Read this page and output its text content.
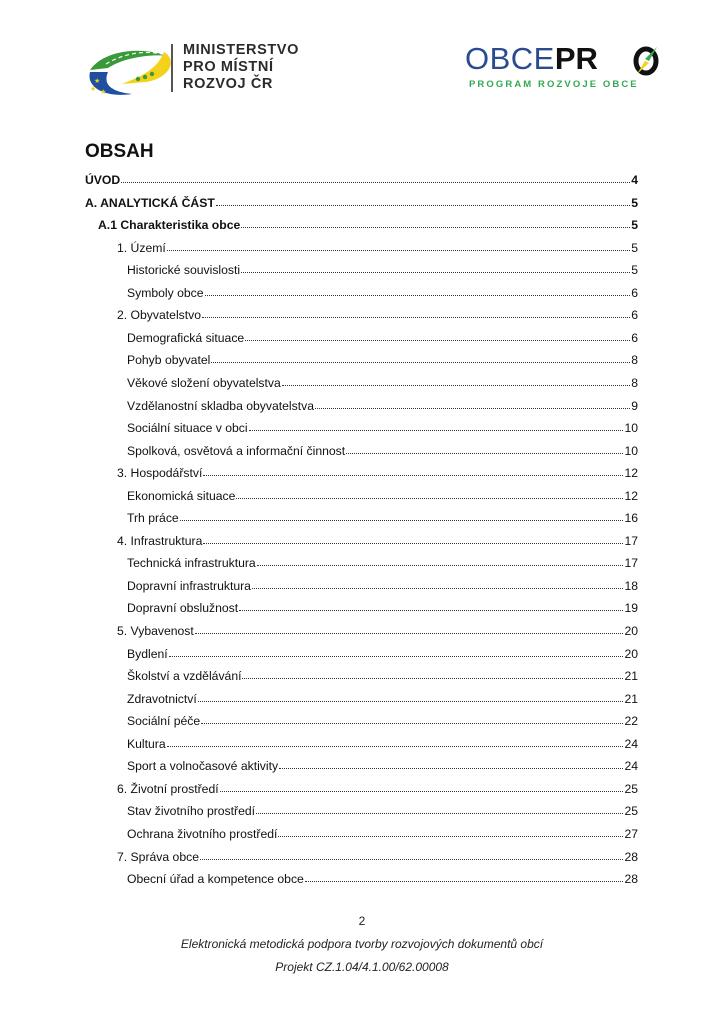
★
★ ★
MINISTERSTVO
PRO MÍSTNÍ
ROZVOJ ČR
OBCEPR
PROGRAM ROZVOJE OBCE
OBSAH
ÚVOD	4
A. ANALYTICKÁ ČÁST	5
A.1 Charakteristika obce	5
1. Území	5
Historické souvislosti	5
Symboly obce	6
2. Obyvatelstvo	6
Demografická situace	6
Pohyb obyvatel	8
Věkové složení obyvatelstva	8
Vzdělanostní skladba obyvatelstva	9
Sociální situace v obci	10
Spolková, osvětová a informační činnost	10
3. Hospodářství	12
Ekonomická situace	12
Trh práce	16
4. Infrastruktura	17
Technická infrastruktura	17
Dopravní infrastruktura	18
Dopravní obslužnost	19
5. Vybavenost	20
Bydlení	20
Školství a vzdělávání	21
Zdravotnictví	21
Sociální péče	22
Kultura	24
Sport a volnočasové aktivity	24
6. Životní prostředí	25
Stav životního prostředí	25
Ochrana životního prostředí	27
7. Správa obce	28
Obecní úřad a kompetence obce	28
2
Elektronická metodická podpora tvorby rozvojových dokumentů obcí
Projekt CZ.1.04/4.1.00/62.00008
